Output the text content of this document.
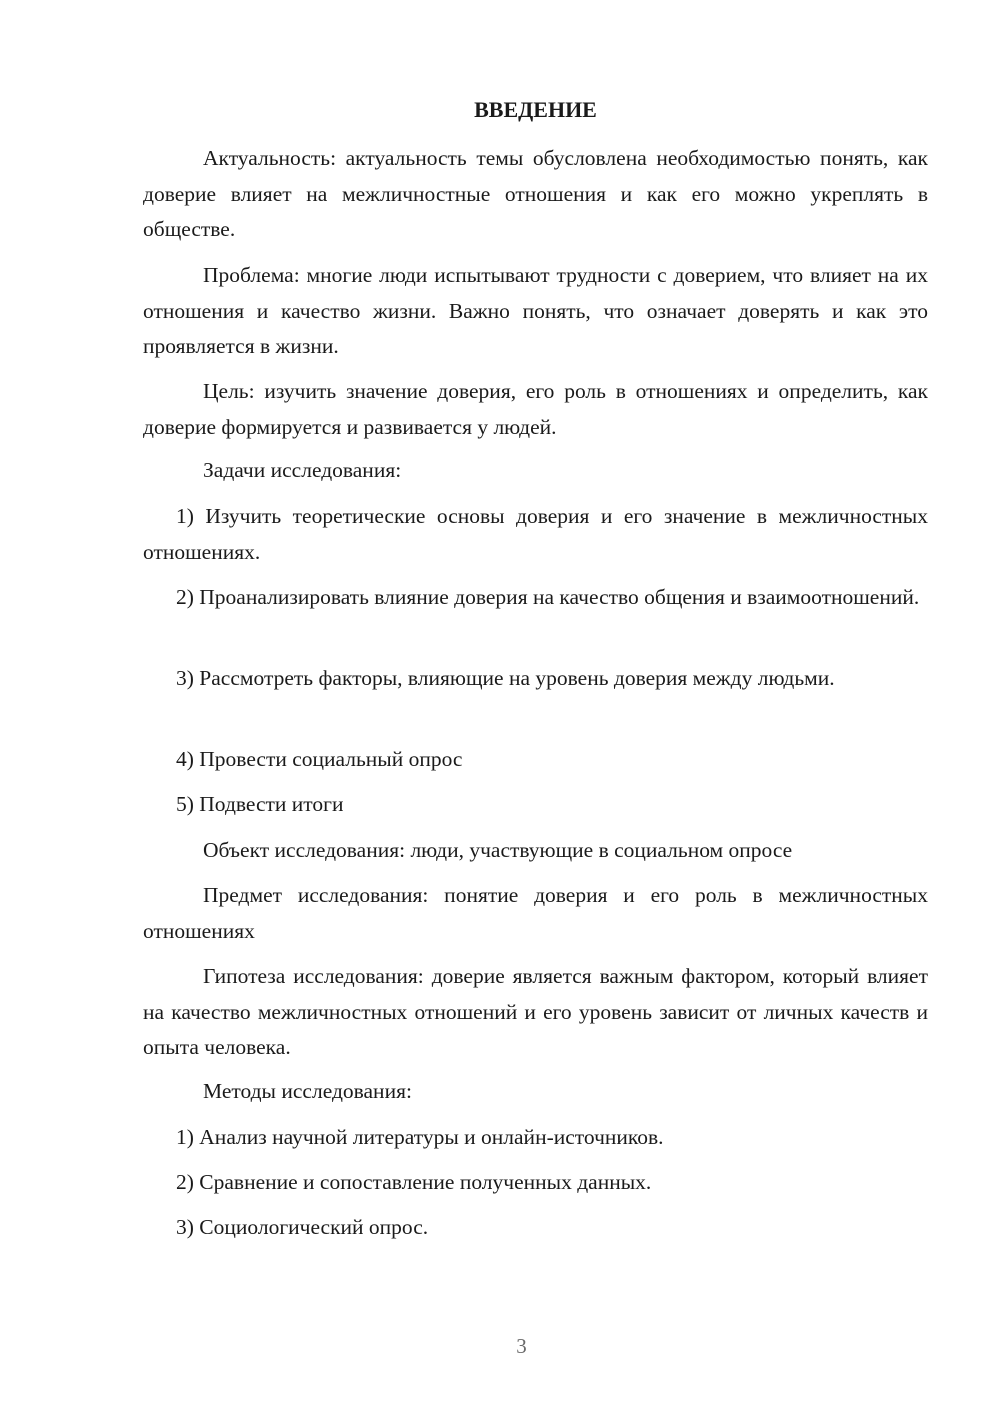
ВВЕДЕНИЕ
Актуальность: актуальность темы обусловлена необходимостью понять, как доверие влияет на межличностные отношения и как его можно укреплять в обществе.
Проблема: многие люди испытывают трудности с доверием, что влияет на их отношения и качество жизни. Важно понять, что означает доверять и как это проявляется в жизни.
Цель: изучить значение доверия, его роль в отношениях и определить, как доверие формируется и развивается у людей.
Задачи исследования:
1) Изучить теоретические основы доверия и его значение в межличностных отношениях.
2) Проанализировать влияние доверия на качество общения и взаимоотношений.
3) Рассмотреть факторы, влияющие на уровень доверия между людьми.
4) Провести социальный опрос
5) Подвести итоги
Объект исследования: люди, участвующие в социальном опросе
Предмет исследования: понятие доверия и его роль в межличностных отношениях
Гипотеза исследования: доверие является важным фактором, который влияет на качество межличностных отношений и его уровень зависит от личных качеств и опыта человека.
Методы исследования:
1) Анализ научной литературы и онлайн-источников.
2) Сравнение и сопоставление полученных данных.
3) Социологический опрос.
3
